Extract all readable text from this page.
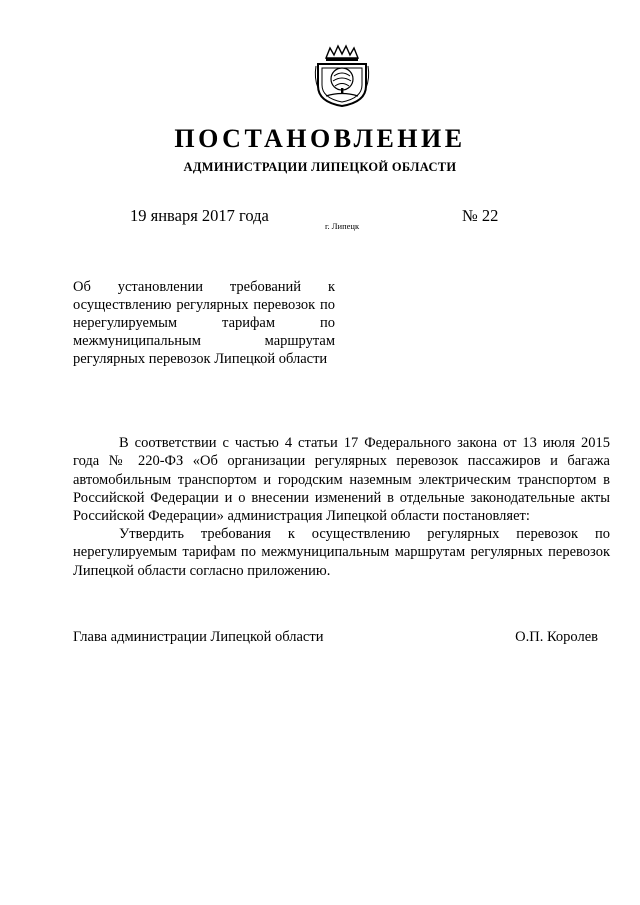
ПОСТАНОВЛЕНИЕ
АДМИНИСТРАЦИИ ЛИПЕЦКОЙ ОБЛАСТИ
19 января 2017 года
г. Липецк
№ 22
Об установлении требований к осуществлению регулярных перевозок по нерегулируемым тарифам по межмуниципальным маршрутам регулярных перевозок Липецкой области
В соответствии с частью 4 статьи 17 Федерального закона от 13 июля 2015 года № 220-ФЗ «Об организации регулярных перевозок пассажиров и багажа автомобильным транспортом и городским наземным электрическим транспортом в Российской Федерации и о внесении изменений в отдельные законодательные акты Российской Федерации» администрация Липецкой области постановляет:
Утвердить требования к осуществлению регулярных перевозок по нерегулируемым тарифам по межмуниципальным маршрутам регулярных перевозок Липецкой области согласно приложению.
Глава администрации Липецкой области	О.П. Королев
